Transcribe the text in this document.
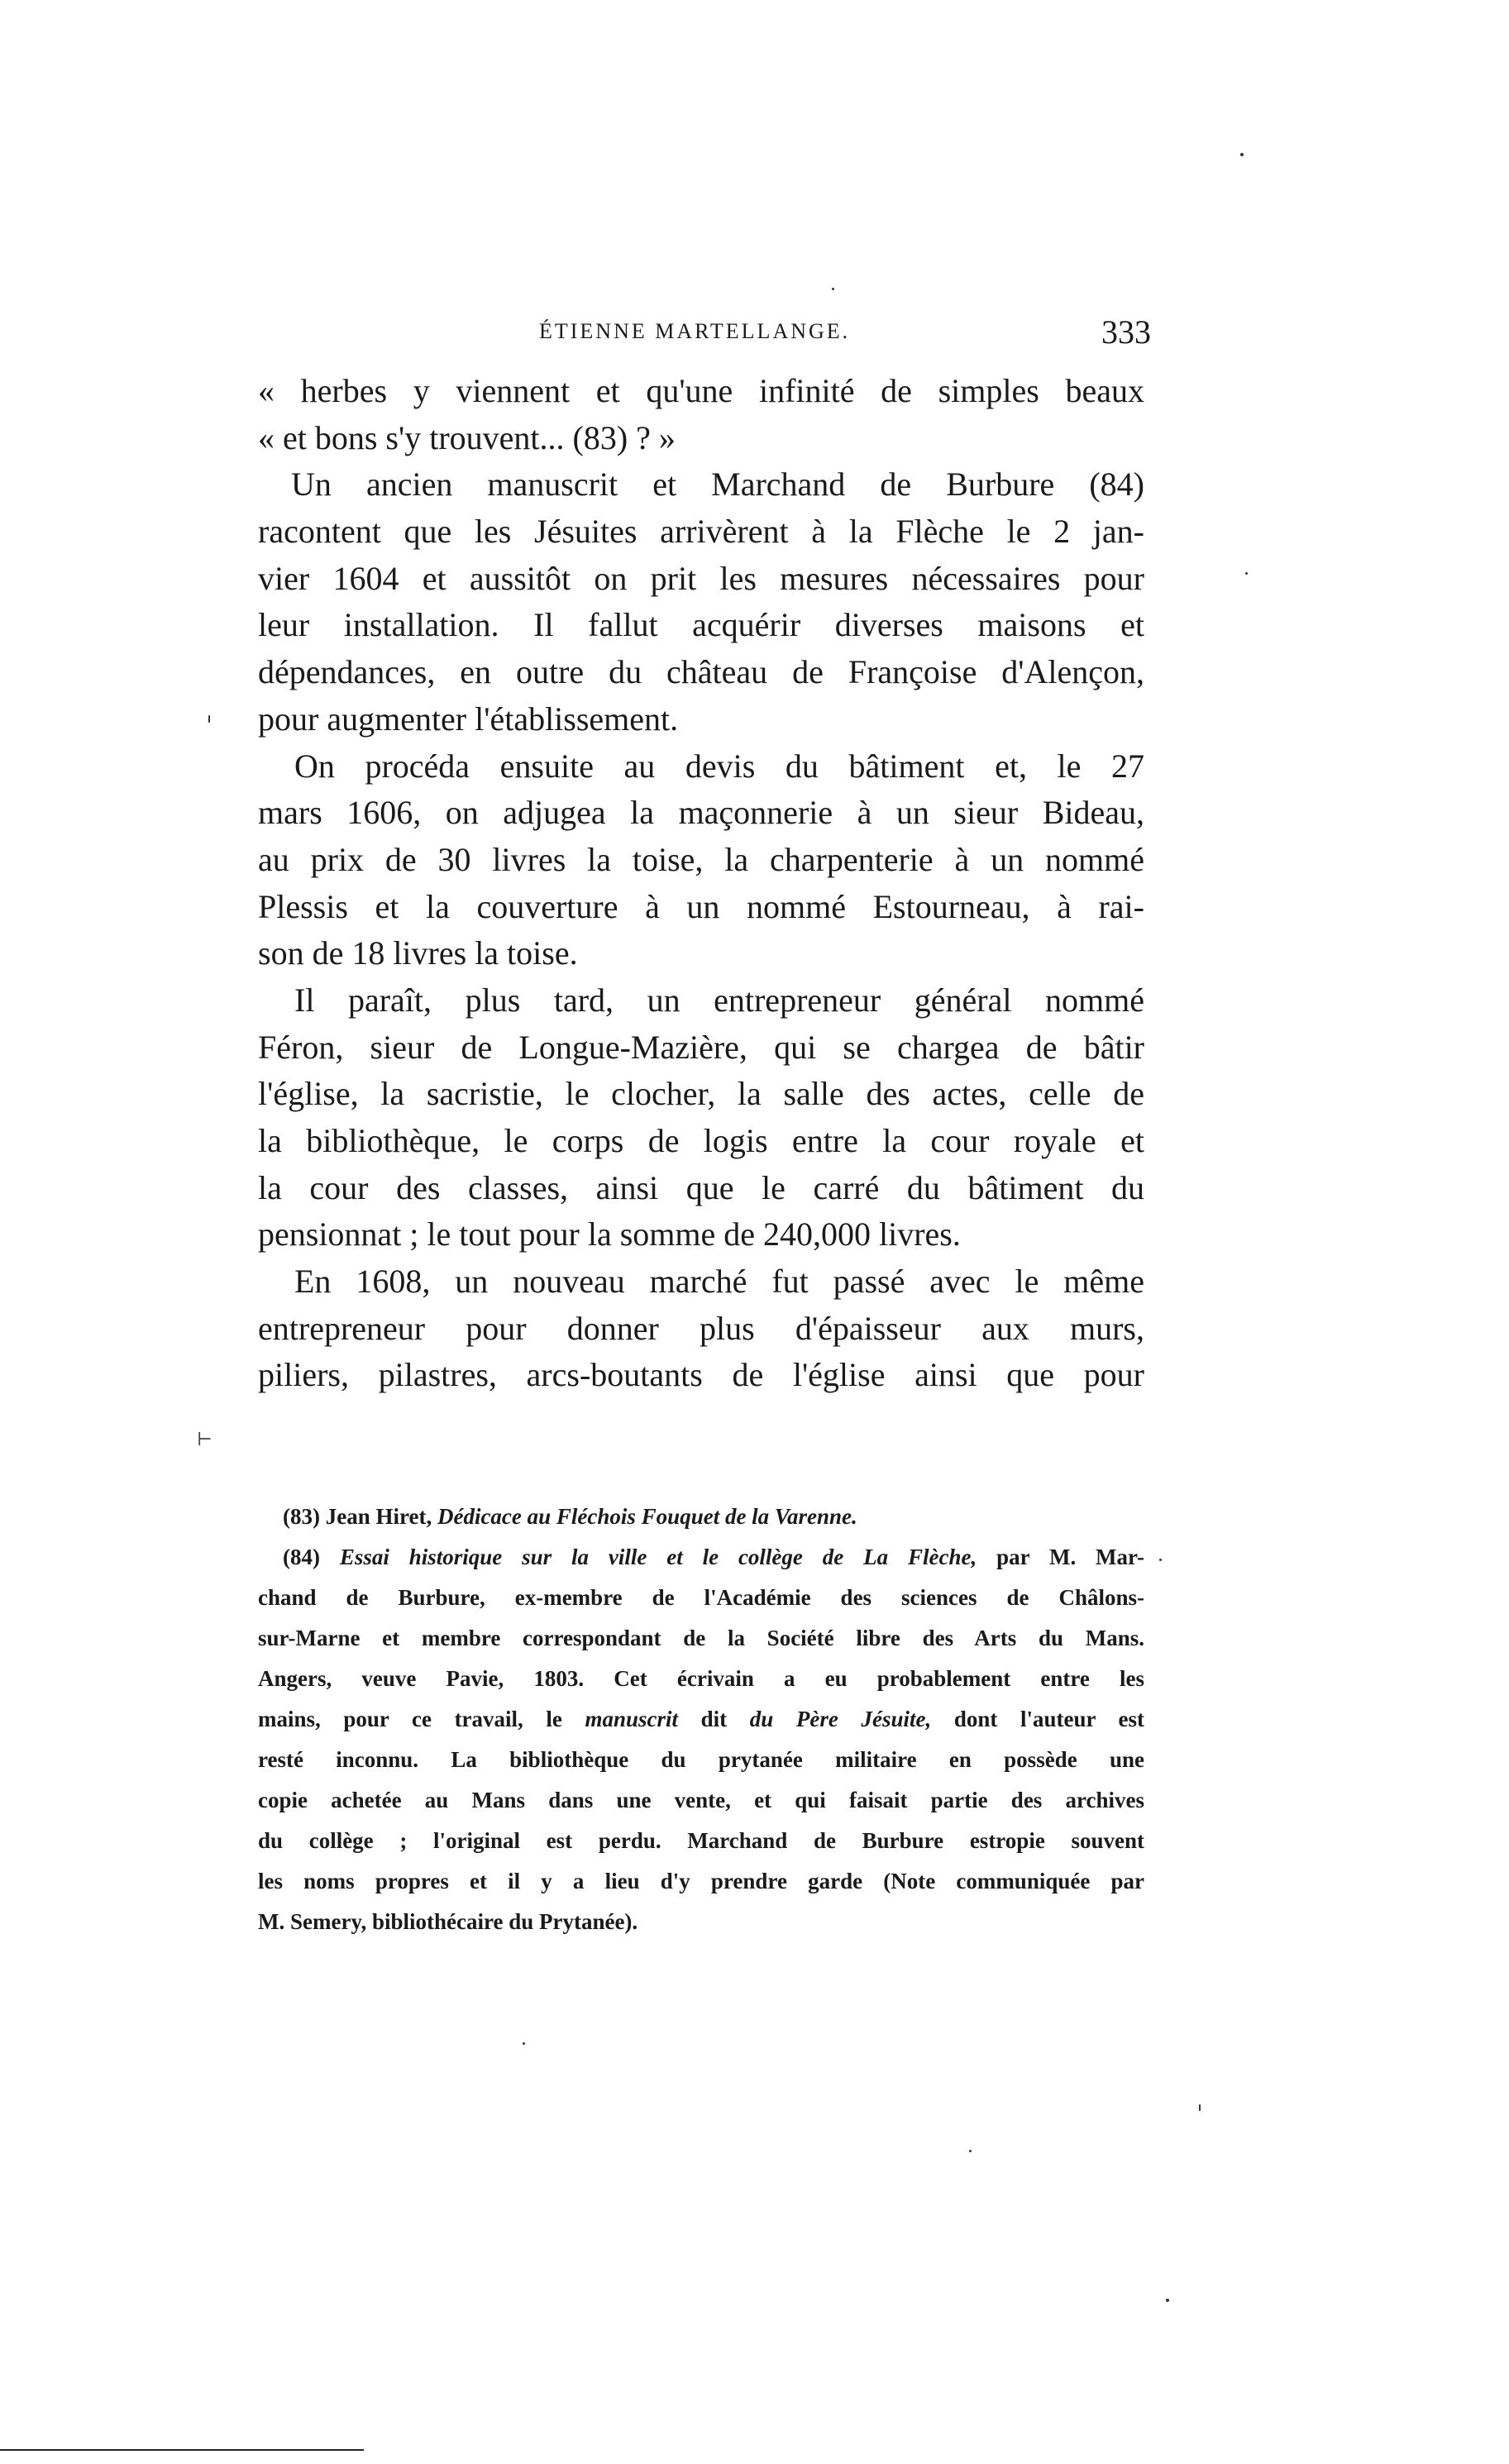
ÉTIENNE MARTELLANGE.	333
« herbes y viennent et qu'une infinité de simples beaux
« et bons s'y trouvent... (83) ? »
Un ancien manuscrit et Marchand de Burbure (84)
racontent que les Jésuites arrivèrent à la Flèche le 2 jan-
vier 1604 et aussitôt on prit les mesures nécessaires pour
leur installation. Il fallut acquérir diverses maisons et
dépendances, en outre du château de Françoise d'Alençon,
pour augmenter l'établissement.
On procéda ensuite au devis du bâtiment et, le 27
mars 1606, on adjugea la maçonnerie à un sieur Bideau,
au prix de 30 livres la toise, la charpenterie à un nommé
Plessis et la couverture à un nommé Estourneau, à rai-
son de 18 livres la toise.
Il paraît, plus tard, un entrepreneur général nommé
Féron, sieur de Longue-Mazière, qui se chargea de bâtir
l'église, la sacristie, le clocher, la salle des actes, celle de
la bibliothèque, le corps de logis entre la cour royale et
la cour des classes, ainsi que le carré du bâtiment du
pensionnat ; le tout pour la somme de 240,000 livres.
En 1608, un nouveau marché fut passé avec le même
entrepreneur pour donner plus d'épaisseur aux murs,
piliers, pilastres, arcs-boutants de l'église ainsi que pour
⊢
(83) Jean Hiret, Dédicace au Fléchois Fouquet de la Varenne.
(84) Essai historique sur la ville et le collège de La Flèche, par M. Mar-
chand de Burbure, ex-membre de l'Académie des sciences de Châlons-
sur-Marne et membre correspondant de la Société libre des Arts du Mans.
Angers, veuve Pavie, 1803. Cet écrivain a eu probablement entre les
mains, pour ce travail, le manuscrit dit du Père Jésuite, dont l'auteur est
resté inconnu. La bibliothèque du prytanée militaire en possède une
copie achetée au Mans dans une vente, et qui faisait partie des archives
du collège ; l'original est perdu. Marchand de Burbure estropie souvent
les noms propres et il y a lieu d'y prendre garde (Note communiquée par
M. Semery, bibliothécaire du Prytanée).
